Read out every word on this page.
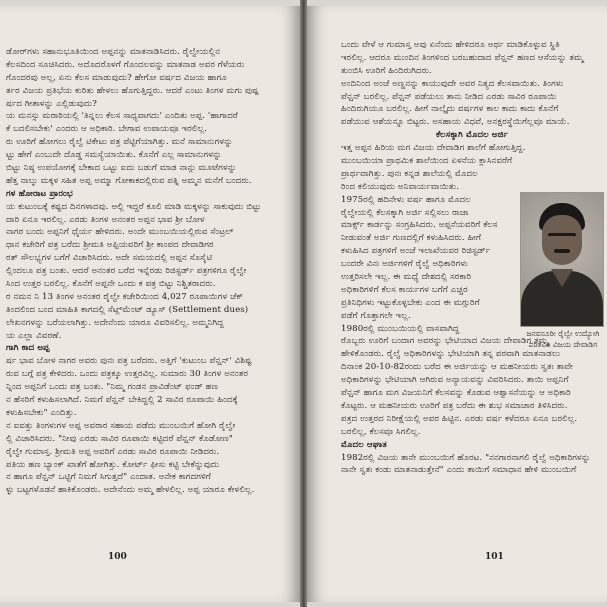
ಡೋರ್‌ಗಳು ಸಹಾನುಭೂತಿಯಿಂದ ಅಪ್ಪನನ್ನು ಮಾತನಾಡಿಸಿದರು. ರೈಲ್ವೇಯಲ್ಲಿನ
ಕೆಲಸದಿಂದ ಸೂಚಿಸಿದರು. ಅದೊದರೊಳಗೆ ಗೊಂದಲವನ್ನು ಮಾತನಾಡ ಅವರ ಗೆಳೆಯರು
ಗೊಂದರವು ಅಲ್ಲ, ಏನು ಕೆಲಸ ಮಾಡುವುದು? ಹೇಗೋ ವರ್ಷದ ವಿಜಯ ಹಾಗೂ
ರ್ತರ ವಿಜಯ ಪ್ರತಿಭೆಯ ಕುರಿತು ಹೇಳಲು ಹೊಗುತ್ತಿದ್ದರು. ಆದರೆ ಎಂಟು ತಿಂಗಳ ಮಗು ಪುಷ್ಪ
ರ್ಷದ ಗೀತಾಳನ್ನು ಎಲ್ಲಿಡುವುದು?
ಯ ಮನಸ್ಸು ಮರಾಠಿಯಲ್ಲಿ 'ತಿನ್ನಲು ಕೆಲಸ ಸಾಧ್ಯವಾಗದು' ಎಂದಿತು ಅಪ್ಪ. 'ಹಾಗಾದರೆ
ಕೆ ಬದಲಿಸಬೇಕು' ಎಂದರು ಆ ಅಧಿಕಾರಿ. ಬೇಗಾವ ಉಪಾಯವೂ ಇರಲಿಲ್ಲ.
ರು ಊರಿಗೆ ಹೋಗಲು ರೈಲ್ವೆ ಟಿಕೇಟು ಪತ್ರ ಪೆಟ್ಟಿಗೆಯಾಗಿತ್ತು. ಮನೆ ಸಾಮಾನುಗಳನ್ನು
ಟ್ಟು ಹೇಗೆ ಎಂಬುದೇ ದೊಡ್ಡ ಸಮಸ್ಯೆಯಾಯಿತು. ಕೊನೆಗೆ ಎಲ್ಲ ಸಾಮಾನುಗಳನ್ನು
ಬಿಟ್ಟು ನಿಷ್ಠ ಉಪಯೋಗಕ್ಕೆ ಬೇಕಾದ ಒಟ್ಟು ಐದು ಬಡುಗೆ ಮಾಡ ನಾನ್ಗು ಮೂಟೆಗಳನ್ನು
ಹೆತ್ತ ನಾಲ್ಕು ಮಕ್ಕಳ ಸಹಿತ ಅಪ್ಪ ಅಮ್ಮಾ ಗೋಕಾಕದಲ್ಲಿರುವ ಪತ್ನಿ ಅಮ್ಮನ ಮನೆಗೆ ಬಂದರು.
ಗಳ ಹೋರಾಟ ಪ್ರಾರಂಭ
ಯ ಕುಟುಂಬಕ್ಕೆ ಕಷ್ಟದ ದಿನಗಳಾದವು. ಅಲ್ಲಿ ಇದ್ದರೆ ಕೂಲಿ ಮಾಡಿ ಮಕ್ಕಳನ್ನು ಸಾಕುವುದು ಬಿಟ್ಟು
ದಾರಿ ಏನೂ ಇರಲಿಲ್ಲ. ಎರಡು ತಿಂಗಳ ಅನಂತರ ಅಪ್ಪನ ಭಾವ ಶ್ರೀ ಬೋಳ
ನಾಗರ ಬಂದು ಅಪ್ಪನಿಗೆ ಧೈರ್ಯ ಹೇಳಿದರು. ಅಂದೇ ಮುಂಬಯಿಯಲ್ಲಿರುವ ಸೆಂಟ್ರಲ್
ಧಾನ ಕಚೇರಿಗೆ ಪತ್ರ ಬರೆದು ಶ್ರೀಮತಿ ಅಪ್ಪಿಯವರಿಗೆ ಶ್ರೀ ಕಾಂಪದ ದೇವಾಡಿಗರ
ರತ್ ಸೌಲಭ್ಯಗಳ ಬಗೆಗೆ ವಿಚಾರಿಸಿದರು. ಅದೇ ಸಮಯದಲ್ಲಿ ಅಪ್ಪನ ಸೊಸೈಟಿ
ಲ್ಲಿಂದಲೂ ಪತ್ರ ಬಂತು. ಆದರೆ ಅನಂತರ ಬರೆದ ಇನ್ನೆರಡು ರಿಜಿಸ್ಟರ್ಡ್ ಪತ್ರಗಳಿಗೂ ರೈಲ್ವೇ
ಸಿಂದ ಉತ್ತರ ಬರಲಿಲ್ಲ. ಕೊನೆಗೆ ಅಪ್ಪನೇ ಒಂದು ಕ ಪತ್ರ ಬಿಟ್ಟು ನಿಶ್ಚಿತರಾದರು.
ರ ನಮನ ನಿ 13 ತಿಂಗಳ ಅನಂತರ ರೈಲ್ವೇ ಕಚೇರಿಯಿಂದ 4,027 ರೂಪಾಯಿಗಳ ಚೆಕ್
ತಿಂದಲಿಂದ ಬಂದ ಮಾಹಿತಿ ಕಾಗದಲ್ಲಿ ಸೆಟ್ಲ್‌ಮೆಂಟ್ ಡ್ಯೂಸ್ (Settlement dues)
ಲೇಖನಗಳನ್ನು ಬರೆಯಲಾಗಿತ್ತು. ಅದೇನೆಂದು ಯಾರೂ ವಿವರಿಸಲಿಲ್ಲ. ಅಮ್ಮನಿಗಿದ್ದ
ಯ ಎಲ್ಲಾ ವಿವರಣೆ.
ಗಾಗಿ ಕಾದ ಅಪ್ಪ
ರ್ಷ ಭಾವ ಬೋಳ ನಾಗರ ಅವರು ಪುನಃ ಪತ್ರ ಬರೆದರು. ಅತ್ತಿಗೆ 'ಕುಟುಂಬ ಪೆನ್ಷನ್' ವಿಶಿಷ್ಟ
ರುವ ಬಗ್ಗೆ ಪತ್ರ ಕೇಳಿದರು. ಒಂದು ಪತ್ರಕ್ಕೂ ಉತ್ತರವಿಲ್ಲ. ಸುಮಾರು 30 ತಿಂಗಳ ಅನಂತರ
ನ್ನಿಂದ ಅಪ್ಪನಿಗೆ ಒಂದು ಪತ್ರ ಬಂತು. "ನಿಮ್ಮ ಗಂಡನ ಪ್ರಾವಿಡೆಂಟ್ ಫಂಡ್ ಹಣ
ನ ಹೆಸರಿಗೆ ಕಳುಹಿಸಲಾಗಿದೆ. ನಿಮಗೆ ಪೆನ್ಷನ್ ಬೇಕಿದ್ದಲ್ಲಿ 2 ಸಾವಿರ ರೂಪಾಯಿ ಹಿಂದಕ್ಕೆ
ಕಳುಹಿಸಬೇಕು" ಎಂದಿತ್ತು.
ನ ಐವತ್ತು ತಿಂಗಳುಗಳ ಅಪ್ಪ ಅವರಾರ ಸಹಾಯ ಪಡೆದು ಮುಂಬಯಿಗೆ ಹೋಗಿ ರೈಲ್ವೇ
ಲ್ಲಿ ವಿಚಾರಿಸಿದರು. "ನೀವು ಎರಡು ಸಾವಿರ ರೂಪಾಯಿ ಕಟ್ಟಿದರೆ ಪೆನ್ಷನ್ ಕೊಡೋಣ"
ರೈಲ್ವೇ ಗುಮಾಸ್ತ. ಶ್ರೀಮತಿ ಅಪ್ಪ ಅವರಿಗೆ ಎರಡು ಸಾವಿರ ರೂಪಾಯಿ ನೀಡಿದರು.
ಪತಿಯ ಹಣ ಬ್ಯಾಂಕ್ ಖಾತೆಗೆ ಹೋಗಿತ್ತು. ಕೋರ್ಟ್ ಫೀಸು ಕಟ್ಟಿ ಬೇಕೆನ್ನುವುದು
ನ ಹಾಗೂ ಪೆನ್ಷನ್ ಒಟ್ಟಿಗೆ ನಿಮಗೆ ಸಿಗುತ್ತದೆ" ಎಂದಾತ. ಅನೇಕ ಕಾಗದಗಳಿಗೆ
ಳ್ಳು ಬಟ್ಟಗಳೊಡನೆ ಹಾಕಿಕೊಂಡರು. ಅದೇನೆಂದು ಅಮ್ಮ ಹೇಳಲಿಲ್ಲ. ಅಪ್ಪ ಯಾರೂ ಕೇಳಲಿಲ್ಲ.
100
ಒಂದು ವೇಳೆ ಆ ಗುಮಾಸ್ತ ಅವು ಏನೆಂದು ಹೇಳಿದರೂ ಅರ್ಥ ಮಾಡಿಕೊಳ್ಳುವ ಸ್ಥಿತಿ
ಇರಲಿಲ್ಲ. ಆದರೂ ಮುಂದಿನ ತಿಂಗಳಿಂದ ಬರಬಹುದಾದ ಪೆನ್ಷನ್ ಹಣದ ಆಸೆಯನ್ನು ತಮ್ಮ
ತುಂಬಿಸಿ ಊರಿಗೆ ಹಿಂದಿರುಗಿದರು.
ಅಂದಿನಿಂದ ಅಂಚೆ ಅಣ್ಣನನ್ನು ಕಾಯುವುದೇ ಅವರ ನಿತ್ಯದ ಕೆಲಸವಾಯಿತು. ತಿಂಗಳು
ಪೆನ್ಷನ್ ಬರಲಿಲ್ಲ. ಪೆನ್ಷನ್ ಪಡೆಯಲು ತಾನು ನೀಡಿದ ಎರಡು ಸಾವಿರ ರೂಪಾಯಿ
ಹಿಂದಿರುಗಿಯೂ ಬರಲಿಲ್ಲ. ಹೀಗೆ ನಾಲ್ಕೈದು ವರ್ಷಗಳ ಕಾಲ ಕಾದು ಕಾದು ಕೊನೆಗೆ
ಪಡೆಯುವ ಆಶೆಯನ್ನೂ ಬಿಟ್ಟರು. ಅಸಹಾಯ ವಿಧವೆ, ಅನಕ್ಷರಸ್ಥೆಯಿಗೆಲ್ಲವೂ ಮಾಯೆ.
ಕೆಲಸಕ್ಕಾಗಿ ಮೊದಲ ಅರ್ಜಿ
ಇತ್ತ ಅಪ್ಪನ ಹಿರಿಯ ಮಗ ವಿಜಯ ದೇವಾಡಿಗ ಶಾಲೆಗೆ ಹೋಗುತ್ತಿದ್ದ.
ಮುಂಬಯಿಯಾ ಪ್ರಾಥಮಿಕ ಶಾಲೆಯಿಂದ ಏಳನೆಯ ಕ್ಲಾಸಿನವರೆಗೆ
ಪ್ರಾರ್ಥವಾಗಿತ್ತು. ಪುನಃ ಕನ್ನಡ ಶಾಲೆಯಲ್ಲಿ ಮೊದಲ
ರಿಂದ ಕಲಿಯುವುದು ಅನಿವಾರ್ಯವಾಯಿತು.
1975ರಲ್ಲಿ ಹದಿನೇಳು ವರ್ಷ ಹಾಗೂ ಮೊದಲ
ರೈಲ್ವೇಯಲ್ಲಿ ಕೆಲಸಕ್ಕಾಗಿ ಅರ್ಜಿ ಸಲ್ಲಿಸಲು ರಾಜಾ
ಮಾರ್ಕ್ಸ್ ಕಾರ್ಡನ್ನು ಸಂಗ್ರಹಿಸಿದರು. ಅಪ್ಪನೆಯವರಿಗೆ ಕೆಲಸ
ನೀಡುವಂತೆ ಅರ್ಜಿ ಗುಣದಲ್ಲಿಗೆ ಕಳುಹಿಸಿದರು. ಹೀಗೆ
ಕಳುಹಿಸಿದ ಪತ್ರಗಳಿಗೆ ಅಂಚೆ ಇಲಾಖೆಯವರ ರಿಜಿಸ್ಟರ್ಡ್
ಬಂದರೇ ವಿನಃ ಅರ್ಜಿಗಳಿಗೆ ರೈಲ್ವೆ ಅಧಿಕಾರಿಗಳು
ಉತ್ತರಿಸಲೇ ಇಲ್ಲ. ಈ ಮಧ್ಯೆ ದೇಶದಲ್ಲಿ ಸರಕಾರಿ
ಅಧಿಕಾರಿಗಳಿಗೆ ಕೆಲಸ ಕಾರ್ಯಗಳ ಬಗೆಗೆ ಎಚ್ಚರ
ಪ್ರತಿನಿಧಿಗಳು ಇಟ್ಟುಕೊಳ್ಳಬೇಕು ಎಂದ ಈ ಮಗ್ಗುರಿಗೆ
ಪಡೆಗೆ ಗೊತ್ತಾಗಲೇ ಇಲ್ಲ.
1980ರಲ್ಲಿ ಮುಂಬಯಿಯಲ್ಲಿ ವಾಸವಾಗಿದ್ದ
ರೊಬ್ಬರು ಊರಿಗೆ ಬಂದಾಗ ಅವರನ್ನು ಭೇಟಿಯಾದ ವಿಜಯ ದೇವಾಡಿಗ ತಮ್ಮ
ಹೇಳಿಕೊಂಡರು. ರೈಲ್ವೆ ಅಧಿಕಾರಿಗಳನ್ನು ಭೇಟಿಯಾಗಿ ತನ್ನ ಪರವಾಗಿ ಮಾತನಾಡಲು
ದಿನಾಂಕ 20-10-82ರಂದು ಬರೆದ ಈ ಅರ್ಜಿಯನ್ನು ಆ ಮಹನೀಯರು ಸ್ವತಃ ತಾವೇ
ಅಧಿಕಾರಿಗಳನ್ನು ಭೇಟಿಯಾಗಿ ಆಗಿರುವ ಅನ್ಯಾಯವನ್ನು ವಿವರಿಸಿದರು. ತಾಯಿ ಅಪ್ಪನಿಗೆ
ಪೆನ್ಷನ್ ಹಾಗೂ ಮಗ ವಿಜಯನಿಗೆ ಕೆಲಸವನ್ನು ಕೊಡುವ ಆಶ್ವಾಸನೆಯನ್ನು ಆ ಅಧಿಕಾರಿ
ಕೊಟ್ಟರು. ಆ ಮಹನೀಯರು ಊರಿಗೆ ಪತ್ರ ಬರೆದು ಈ ಶುಭ ಸಮಾಚಾರ ತಿಳಿಸಿದರು.
ಪತ್ರದ ಉತ್ತರದ ನಿರೀಕ್ಷೆಯಲ್ಲಿ ಅವರ ಹಿಟ್ಟಿನ. ಎರಡು ವರ್ಷ ಕಳೆದರೂ ಏನೂ ಬರಲಿಲ್ಲ.
ಬರಲಿಲ್ಲ, ಕೆಲಸವೂ ಸಿಗಲಿಲ್ಲ.
ಮೊದಲ ಆಘಾತ
1982ರಲ್ಲಿ ವಿಜಯ ತಾನೇ ಮುಂಬಯಿಗೆ ಹೊರಟ. "ನನಗಾರನಾಗಲಿ ರೈಲ್ವೆ ಅಧಿಕಾರಿಗಳನ್ನು
ನಾನೇ ಸ್ವತಃ ಕಂಡು ಮಾತನಾಡುತ್ತೇನೆ" ಎಂದು ತಾಯಿಗೆ ಸಮಾಧಾನ ಹೇಳಿ ಮುಂಬಯಿಗೆ
101
ಜನವಸೂರೀ ರೈಲ್ವೇ ಉದ್ಯೋಗಿ
ಪರಿತವಿತಿ ವಿಜಯ ದೇವಾಡಿಗ
